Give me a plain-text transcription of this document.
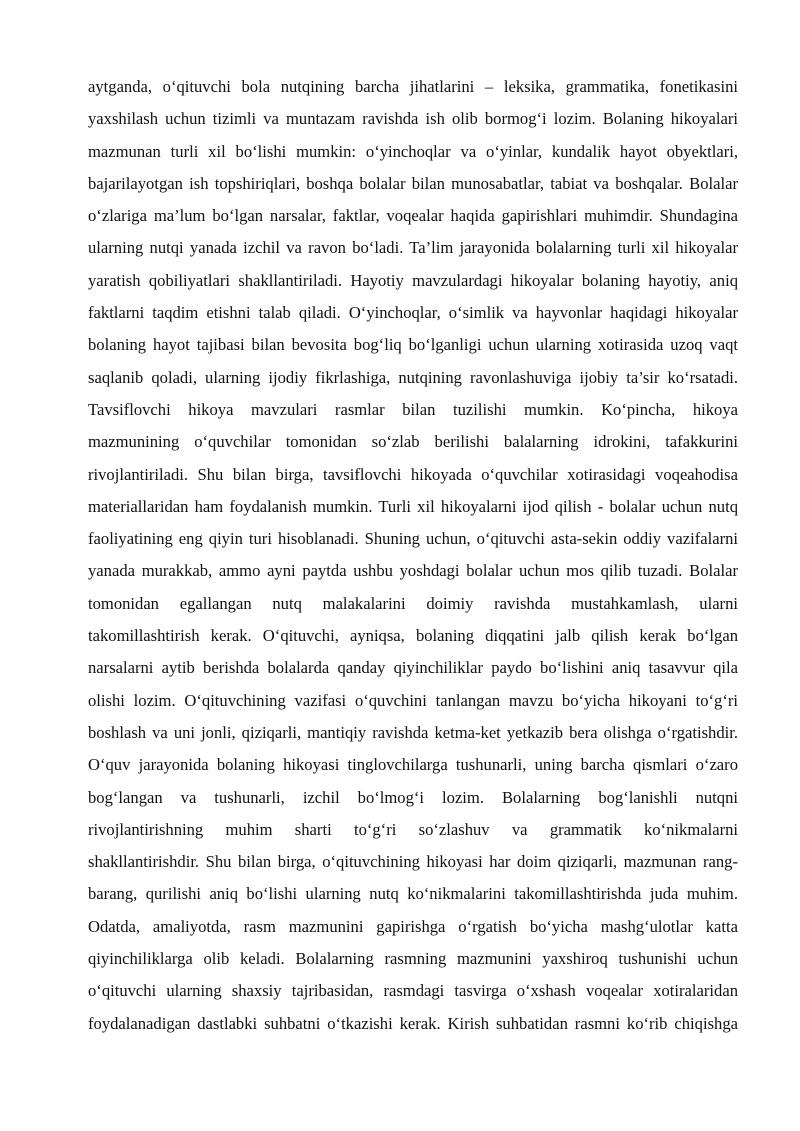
aytganda, o‘qituvchi bola nutqining barcha jihatlarini – leksika, grammatika, fonetikasini
yaxshilash uchun tizimli va muntazam ravishda ish olib bormog‘i lozim. Bolaning hikoyalari
mazmunan turli xil bo‘lishi mumkin: o‘yinchoqlar va o‘yinlar, kundalik hayot obyektlari,
bajarilayotgan ish topshiriqlari, boshqa bolalar bilan munosabatlar, tabiat va boshqalar. Bolalar
o‘zlariga ma’lum bo‘lgan narsalar, faktlar, voqealar haqida gapirishlari muhimdir. Shundagina
ularning nutqi yanada izchil va ravon bo‘ladi. Ta’lim jarayonida bolalarning turli xil hikoyalar
yaratish qobiliyatlari shakllantiriladi. Hayotiy mavzulardagi hikoyalar bolaning hayotiy, aniq
faktlarni taqdim etishni talab qiladi. O‘yinchoqlar, o‘simlik va hayvonlar haqidagi hikoyalar
bolaning hayot tajibasi bilan bevosita bog‘liq bo‘lganligi uchun ularning xotirasida uzoq vaqt
saqlanib qoladi, ularning ijodiy fikrlashiga, nutqining ravonlashuviga ijobiy ta’sir ko‘rsatadi.
Tavsiflovchi hikoya mavzulari rasmlar bilan tuzilishi mumkin. Ko‘pincha, hikoya
mazmunining o‘quvchilar tomonidan so‘zlab berilishi balalarning idrokini, tafakkurini
rivojlantiriladi. Shu bilan birga, tavsiflovchi hikoyada o‘quvchilar xotirasidagi voqeahodisa
materiallaridan ham foydalanish mumkin. Turli xil hikoyalarni ijod qilish - bolalar uchun nutq
faoliyatining eng qiyin turi hisoblanadi. Shuning uchun, o‘qituvchi asta-sekin oddiy vazifalarni
yanada murakkab, ammo ayni paytda ushbu yoshdagi bolalar uchun mos qilib tuzadi. Bolalar
tomonidan egallangan nutq malakalarini doimiy ravishda mustahkamlash, ularni
takomillashtirish kerak. O‘qituvchi, ayniqsa, bolaning diqqatini jalb qilish kerak bo‘lgan
narsalarni aytib berishda bolalarda qanday qiyinchiliklar paydo bo‘lishini aniq tasavvur qila
olishi lozim. O‘qituvchining vazifasi o‘quvchini tanlangan mavzu bo‘yicha hikoyani to‘g‘ri
boshlash va uni jonli, qiziqarli, mantiqiy ravishda ketma-ket yetkazib bera olishga o‘rgatishdir.
O‘quv jarayonida bolaning hikoyasi tinglovchilarga tushunarli, uning barcha qismlari o‘zaro
bog‘langan va tushunarli, izchil bo‘lmog‘i lozim. Bolalarning bog‘lanishli nutqni
rivojlantirishning muhim sharti to‘g‘ri so‘zlashuv va grammatik ko‘nikmalarni
shakllantirishdir. Shu bilan birga, o‘qituvchining hikoyasi har doim qiziqarli, mazmunan rang-
barang, qurilishi aniq bo‘lishi ularning nutq ko‘nikmalarini takomillashtirishda juda muhim.
Odatda, amaliyotda, rasm mazmunini gapirishga o‘rgatish bo‘yicha mashg‘ulotlar katta
qiyinchiliklarga olib keladi. Bolalarning rasmning mazmunini yaxshiroq tushunishi uchun
o‘qituvchi ularning shaxsiy tajribasidan, rasmdagi tasvirga o‘xshash voqealar xotiralaridan
foydalanadigan dastlabki suhbatni o‘tkazishi kerak. Kirish suhbatidan rasmni ko‘rib chiqishga
